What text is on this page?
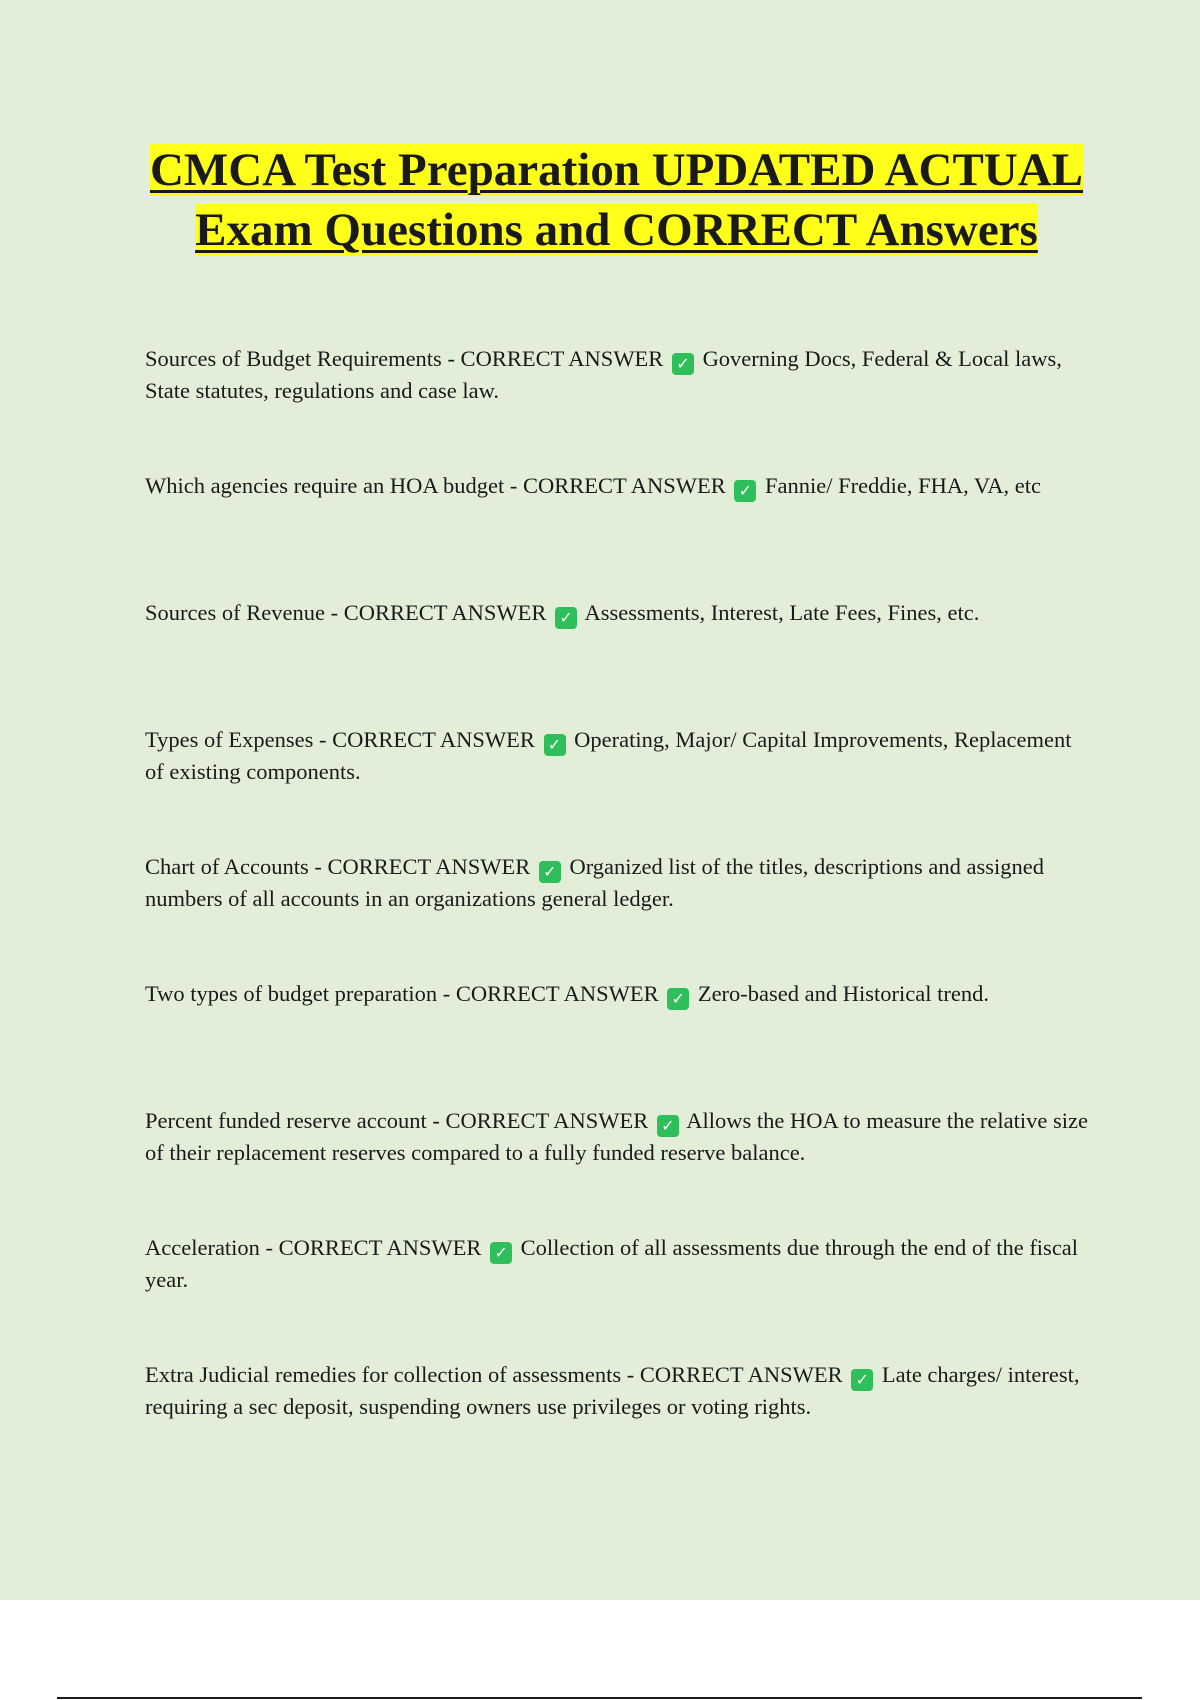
CMCA Test Preparation UPDATED ACTUAL Exam Questions and CORRECT Answers
Sources of Budget Requirements - CORRECT ANSWER ✓ Governing Docs, Federal & Local laws, State statutes, regulations and case law.
Which agencies require an HOA budget - CORRECT ANSWER ✓ Fannie/ Freddie, FHA, VA, etc
Sources of Revenue - CORRECT ANSWER ✓ Assessments, Interest, Late Fees, Fines, etc.
Types of Expenses - CORRECT ANSWER ✓ Operating, Major/ Capital Improvements, Replacement of existing components.
Chart of Accounts - CORRECT ANSWER ✓ Organized list of the titles, descriptions and assigned numbers of all accounts in an organizations general ledger.
Two types of budget preparation - CORRECT ANSWER ✓ Zero-based and Historical trend.
Percent funded reserve account - CORRECT ANSWER ✓ Allows the HOA to measure the relative size of their replacement reserves compared to a fully funded reserve balance.
Acceleration - CORRECT ANSWER ✓ Collection of all assessments due through the end of the fiscal year.
Extra Judicial remedies for collection of assessments - CORRECT ANSWER ✓ Late charges/ interest, requiring a sec deposit, suspending owners use privileges or voting rights.
